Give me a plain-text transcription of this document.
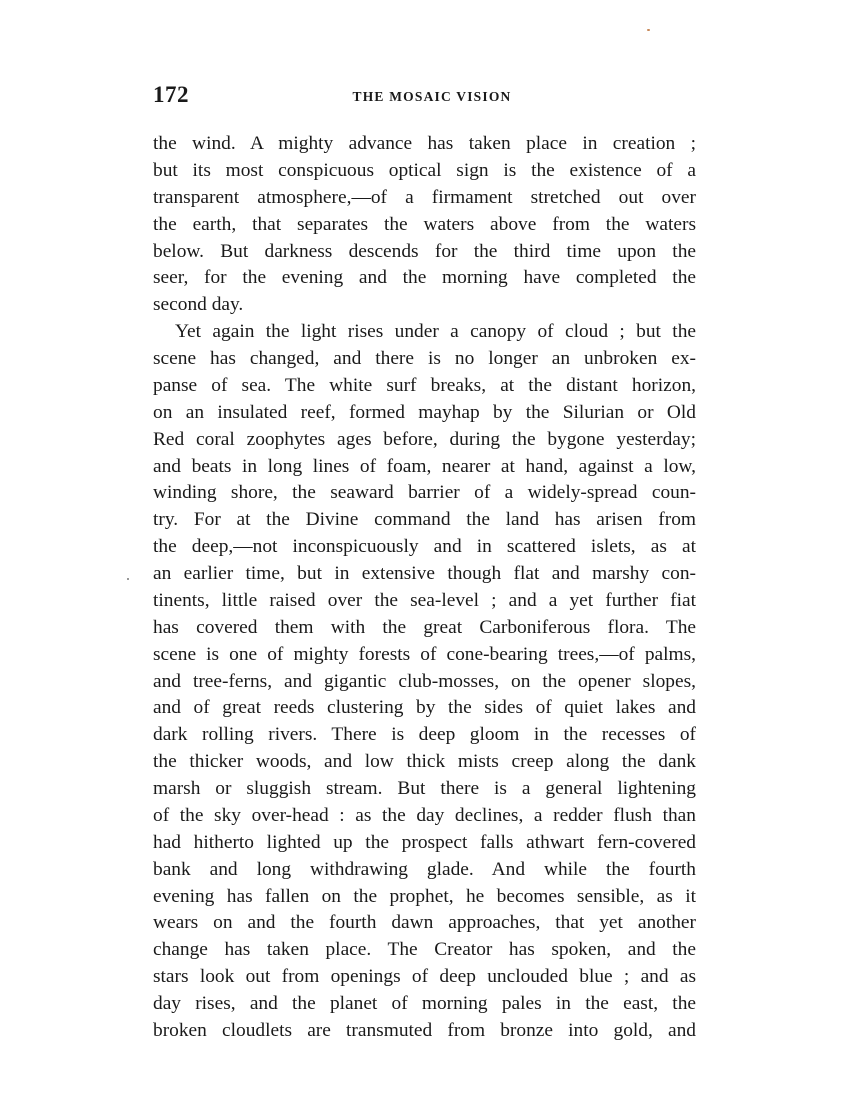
172	THE MOSAIC VISION
the wind. A mighty advance has taken place in creation ;
but its most conspicuous optical sign is the existence of a
transparent atmosphere,—of a firmament stretched out over
the earth, that separates the waters above from the waters
below. But darkness descends for the third time upon the
seer, for the evening and the morning have completed the
second day.
Yet again the light rises under a canopy of cloud ; but the
scene has changed, and there is no longer an unbroken ex-
panse of sea. The white surf breaks, at the distant horizon,
on an insulated reef, formed mayhap by the Silurian or Old
Red coral zoophytes ages before, during the bygone yesterday;
and beats in long lines of foam, nearer at hand, against a low,
winding shore, the seaward barrier of a widely-spread coun-
try. For at the Divine command the land has arisen from
the deep,—not inconspicuously and in scattered islets, as at
an earlier time, but in extensive though flat and marshy con-
tinents, little raised over the sea-level ; and a yet further fiat
has covered them with the great Carboniferous flora. The
scene is one of mighty forests of cone-bearing trees,—of palms,
and tree-ferns, and gigantic club-mosses, on the opener slopes,
and of great reeds clustering by the sides of quiet lakes and
dark rolling rivers. There is deep gloom in the recesses of
the thicker woods, and low thick mists creep along the dank
marsh or sluggish stream. But there is a general lightening
of the sky over-head : as the day declines, a redder flush than
had hitherto lighted up the prospect falls athwart fern-covered
bank and long withdrawing glade. And while the fourth
evening has fallen on the prophet, he becomes sensible, as it
wears on and the fourth dawn approaches, that yet another
change has taken place. The Creator has spoken, and the
stars look out from openings of deep unclouded blue ; and as
day rises, and the planet of morning pales in the east, the
broken cloudlets are transmuted from bronze into gold, and
